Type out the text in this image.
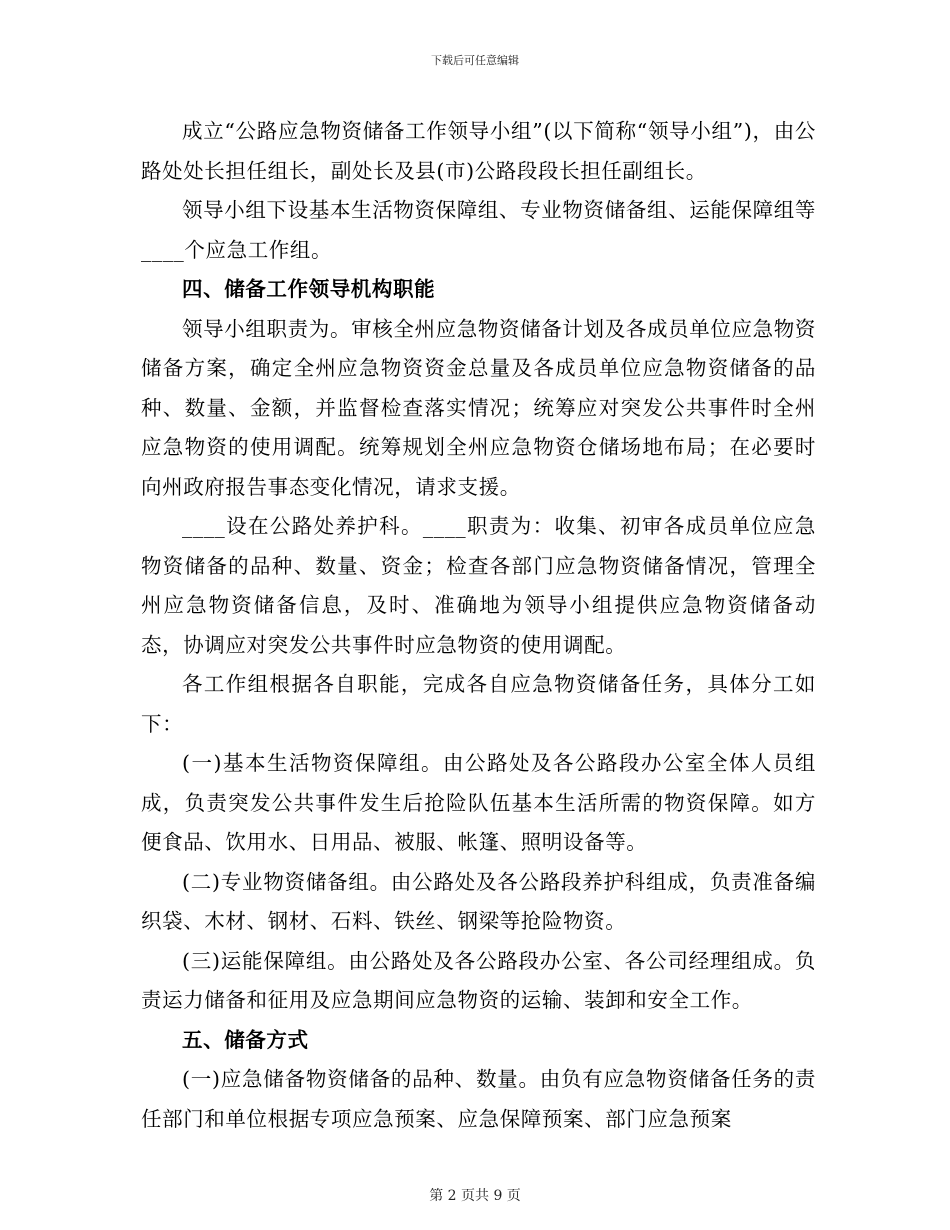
下载后可任意编辑

成立“公路应急物资储备工作领导小组”(以下简称“领导小组”)，由公路处处长担任组长，副处长及县(市)公路段段长担任副组长。

领导小组下设基本生活物资保障组、专业物资储备组、运能保障组等____个应急工作组。

四、储备工作领导机构职能

领导小组职责为。审核全州应急物资储备计划及各成员单位应急物资储备方案，确定全州应急物资资金总量及各成员单位应急物资储备的品种、数量、金额，并监督检查落实情况；统筹应对突发公共事件时全州应急物资的使用调配。统筹规划全州应急物资仓储场地布局；在必要时向州政府报告事态变化情况，请求支援。

____设在公路处养护科。____职责为：收集、初审各成员单位应急物资储备的品种、数量、资金；检查各部门应急物资储备情况，管理全州应急物资储备信息，及时、准确地为领导小组提供应急物资储备动态，协调应对突发公共事件时应急物资的使用调配。

各工作组根据各自职能，完成各自应急物资储备任务，具体分工如下：

(一)基本生活物资保障组。由公路处及各公路段办公室全体人员组成，负责突发公共事件发生后抢险队伍基本生活所需的物资保障。如方便食品、饮用水、日用品、被服、帐篷、照明设备等。

(二)专业物资储备组。由公路处及各公路段养护科组成，负责准备编织袋、木材、钢材、石料、铁丝、钢梁等抢险物资。

(三)运能保障组。由公路处及各公路段办公室、各公司经理组成。负责运力储备和征用及应急期间应急物资的运输、装卸和安全工作。

五、储备方式

(一)应急储备物资储备的品种、数量。由负有应急物资储备任务的责任部门和单位根据专项应急预案、应急保障预案、部门应急预案

第 2 页共 9 页
